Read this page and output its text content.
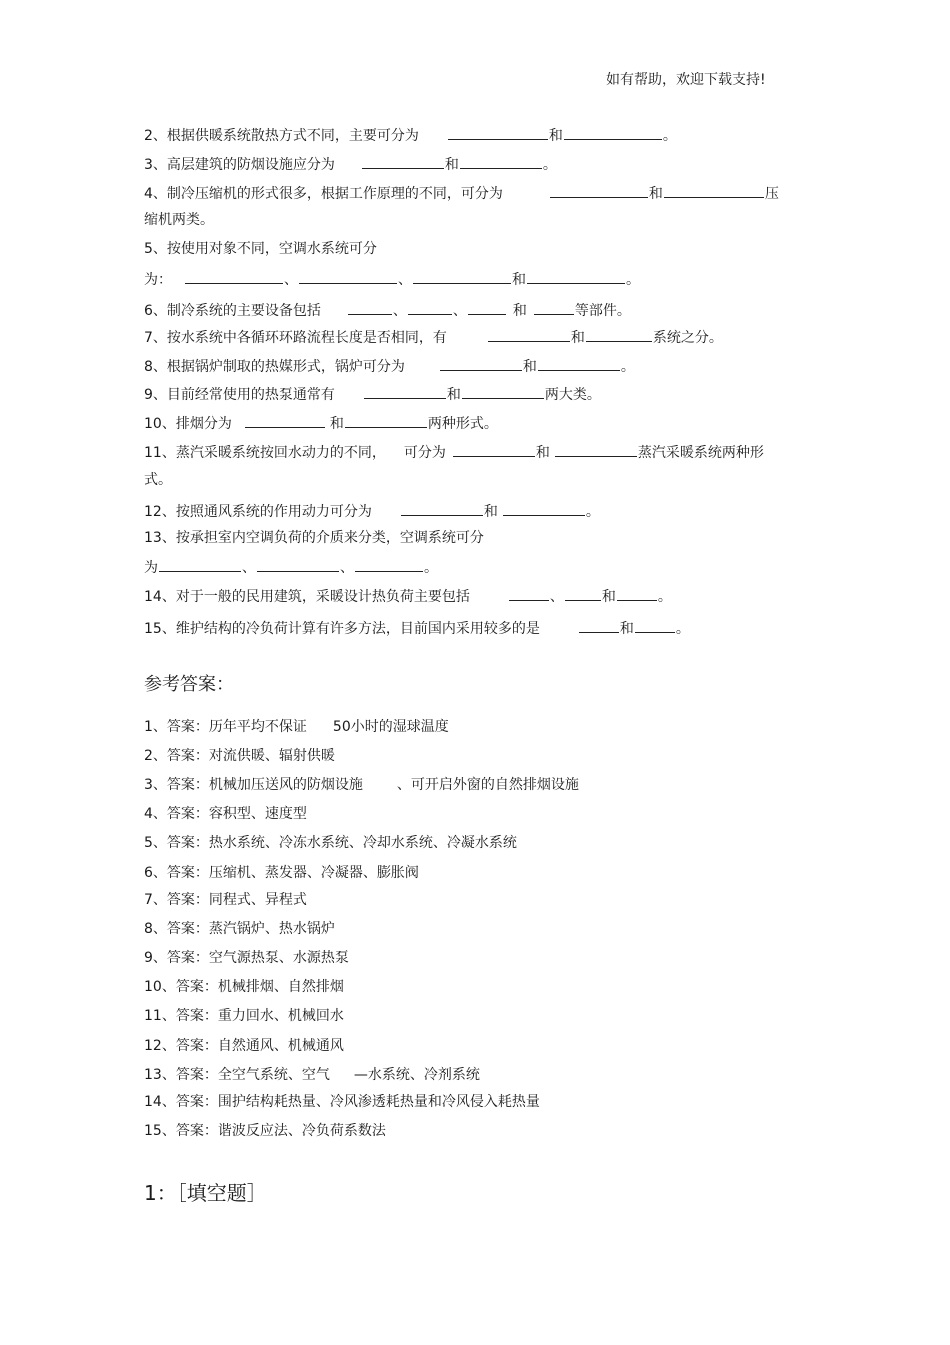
如有帮助，欢迎下载支持!
2、根据供暖系统散热方式不同，主要可分为	和	。
3、高层建筑的防烟设施应分为	和	。
4、制冷压缩机的形式很多，根据工作原理的不同，可分为	和	压
缩机两类。
5、按使用对象不同，空调水系统可分
为：	、	、	和	。
6、制冷系统的主要设备包括	、	、	和	等部件。
7、按水系统中各循环环路流程长度是否相同，有	和	系统之分。
8、根据锅炉制取的热媒形式，锅炉可分为	和	。
9、目前经常使用的热泵通常有	和	两大类。
10、排烟分为	和	两种形式。
11、蒸汽采暖系统按回水动力的不同， 可分为	和	蒸汽采暖系统两种形
式。
12、按照通风系统的作用动力可分为	和	。
13、按承担室内空调负荷的介质来分类，空调系统可分
为	、	、	。
14、对于一般的民用建筑，采暖设计热负荷主要包括	、	和	。
15、维护结构的冷负荷计算有许多方法，目前国内采用较多的是	和	。
参考答案：
1、答案：历年平均不保证 50小时的湿球温度
2、答案：对流供暖、辐射供暖
3、答案：机械加压送风的防烟设施 、可开启外窗的自然排烟设施
4、答案：容积型、速度型
5、答案：热水系统、冷冻水系统、冷却水系统、冷凝水系统
6、答案：压缩机、蒸发器、冷凝器、膨胀阀
7、答案：同程式、异程式
8、答案：蒸汽锅炉、热水锅炉
9、答案：空气源热泵、水源热泵
10、答案：机械排烟、自然排烟
11、答案：重力回水、机械回水
12、答案：自然通风、机械通风
13、答案：全空气系统、空气 —水系统、冷剂系统
14、答案：围护结构耗热量、冷风渗透耗热量和冷风侵入耗热量
15、答案：谐波反应法、冷负荷系数法
1：［填空题］
